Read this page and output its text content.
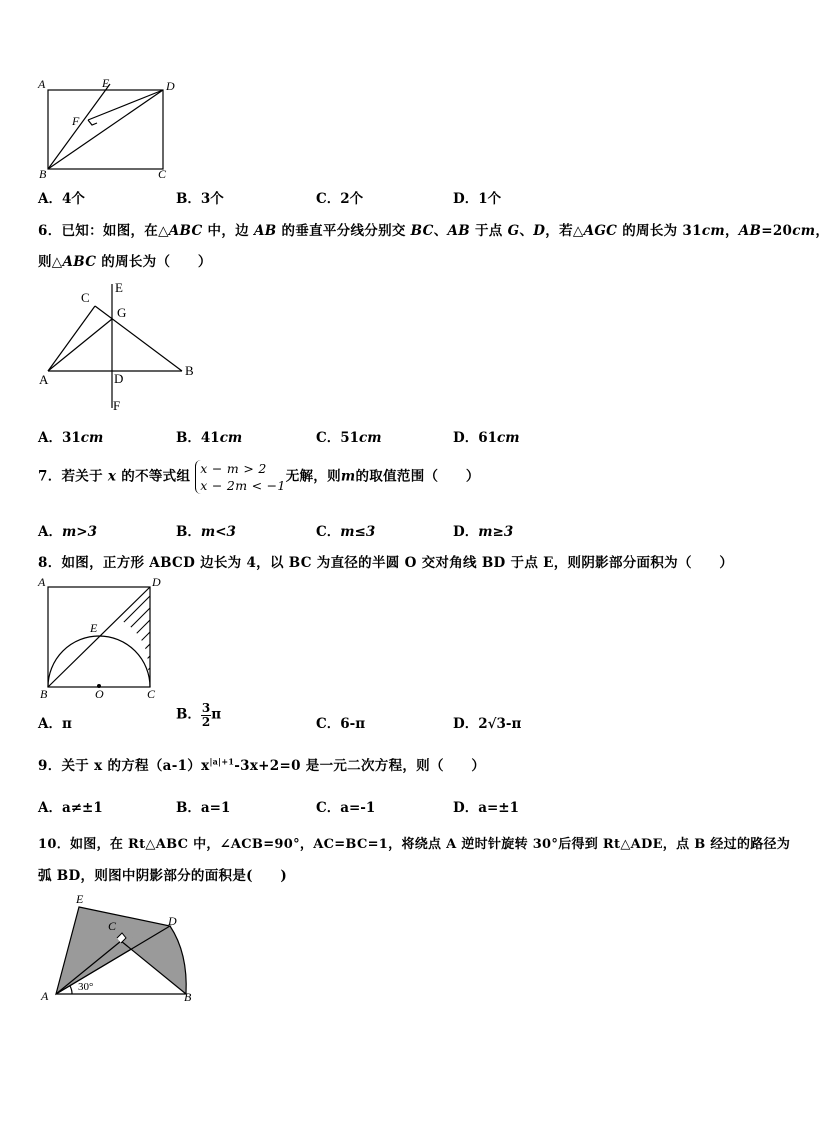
A	E	D
F
B	C
A．4个	B．3个	C．2个	D．1个
6．已知：如图，在△ABC 中，边 AB 的垂直平分线分别交 BC、AB 于点 G、D，若△AGC 的周长为 31cm，AB=20cm，
则△ABC 的周长为（　　）
C
E
G
A	D
B
F
A．31cm	B．41cm	C．51cm	D．61cm
7．若关于 x 的不等式组 x − m > 2
x − 2m < −1
无解，则m的取值范围（　　）
A．m>3	B．m<3	C．m≤3	D．m≥3
8．如图，正方形 ABCD 边长为 4，以 BC 为直径的半圆 O 交对角线 BD 于点 E，则阴影部分面积为（　　）
A	D
E
B	O	C
A．π
B． $\frac{3}{2}$ π
C．6-π	D．2√3-π
9．关于 x 的方程$(a-1)x^{|a|+1}-3x+2=0$ 是一元二次方程，则（　　）
A．a≠±1	B．a=1	C．a=-1	D．a=±1
10．如图，在 Rt△ABC 中，∠ACB=90°，AC=BC=1，将绕点 A 逆时针旋转 30°后得到 Rt△ADE，点 B 经过的路径为
弧 BD，则图中阴影部分的面积是(　　)
E
C	D
A	B
30°
